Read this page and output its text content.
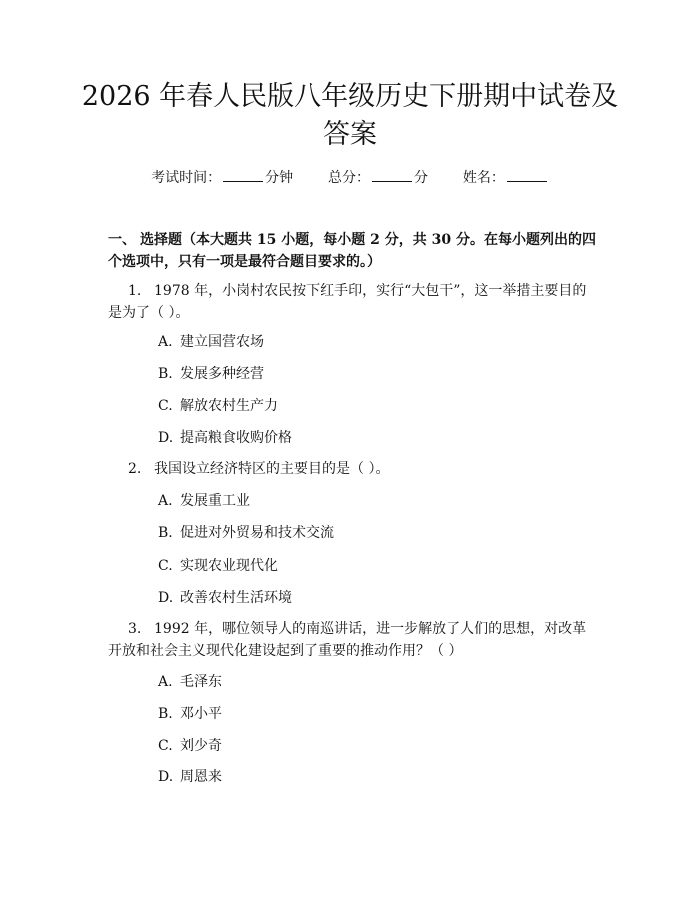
2026 年春人民版八年级历史下册期中试卷及答案
考试时间：	分钟 总分：	分 姓名：
一、 选择题（本大题共 15 小题，每小题 2 分，共 30 分。在每小题列出的四个选项中，只有一项是最符合题目要求的。）
1. 1978 年，小岗村农民按下红手印，实行“大包干”，这一举措主要目的是为了（ ）。
A. 建立国营农场
B. 发展多种经营
C. 解放农村生产力
D. 提高粮食收购价格
2. 我国设立经济特区的主要目的是（ ）。
A. 发展重工业
B. 促进对外贸易和技术交流
C. 实现农业现代化
D. 改善农村生活环境
3. 1992 年，哪位领导人的南巡讲话，进一步解放了人们的思想，对改革开放和社会主义现代化建设起到了重要的推动作用？（ ）
A. 毛泽东
B. 邓小平
C. 刘少奇
D. 周恩来
